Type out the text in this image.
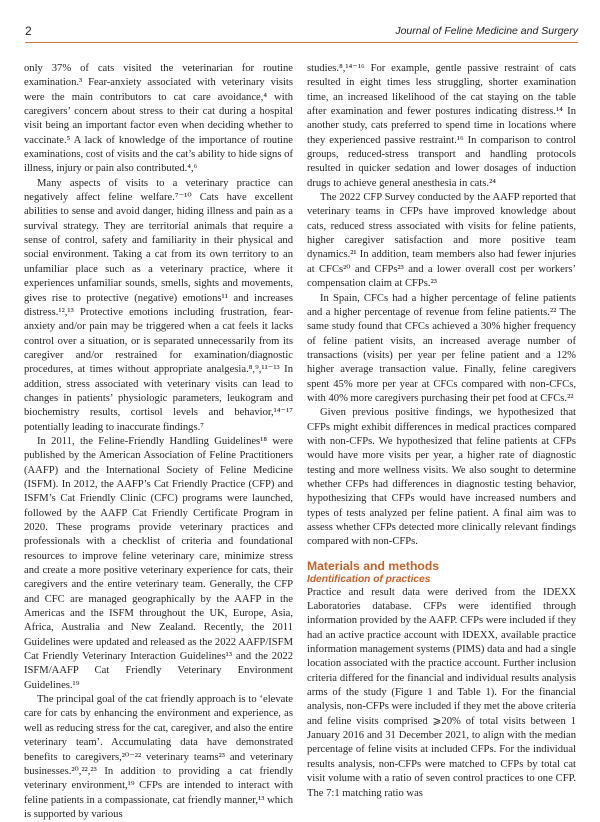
2	Journal of Feline Medicine and Surgery

only 37% of cats visited the veterinarian for routine examination.³ Fear-anxiety associated with veterinary visits were the main contributors to cat care avoidance,⁴ with caregivers’ concern about stress to their cat during a hospital visit being an important factor even when deciding whether to vaccinate.⁵ A lack of knowledge of the importance of routine examinations, cost of visits and the cat’s ability to hide signs of illness, injury or pain also contributed.⁴,⁶

Many aspects of visits to a veterinary practice can negatively affect feline welfare.⁷⁻¹⁰ Cats have excellent abilities to sense and avoid danger, hiding illness and pain as a survival strategy. They are territorial animals that require a sense of control, safety and familiarity in their physical and social environment. Taking a cat from its own territory to an unfamiliar place such as a veterinary practice, where it experiences unfamiliar sounds, smells, sights and movements, gives rise to protective (negative) emotions¹¹ and increases distress.¹²,¹³ Protective emotions including frustration, fear-anxiety and/or pain may be triggered when a cat feels it lacks control over a situation, or is separated unnecessarily from its caregiver and/or restrained for examination/diagnostic procedures, at times without appropriate analgesia.⁸,⁹,¹¹⁻¹³ In addition, stress associated with veterinary visits can lead to changes in patients’ physiologic parameters, leukogram and biochemistry results, cortisol levels and behavior,¹⁴⁻¹⁷ potentially leading to inaccurate findings.⁷

In 2011, the Feline-Friendly Handling Guidelines¹⁸ were published by the American Association of Feline Practitioners (AAFP) and the International Society of Feline Medicine (ISFM). In 2012, the AAFP’s Cat Friendly Practice (CFP) and ISFM’s Cat Friendly Clinic (CFC) programs were launched, followed by the AAFP Cat Friendly Certificate Program in 2020. These programs provide veterinary practices and professionals with a checklist of criteria and foundational resources to improve feline veterinary care, minimize stress and create a more positive veterinary experience for cats, their caregivers and the entire veterinary team. Generally, the CFP and CFC are managed geographically by the AAFP in the Americas and the ISFM throughout the UK, Europe, Asia, Africa, Australia and New Zealand. Recently, the 2011 Guidelines were updated and released as the 2022 AAFP/ISFM Cat Friendly Veterinary Interaction Guidelines¹³ and the 2022 ISFM/AAFP Cat Friendly Veterinary Environment Guidelines.¹⁹

The principal goal of the cat friendly approach is to ‘elevate care for cats by enhancing the environment and experience, as well as reducing stress for the cat, caregiver, and also the entire veterinary team’. Accumulating data have demonstrated benefits to caregivers,²⁰⁻²² veterinary teams²³ and veterinary businesses.²⁰,²²,²³ In addition to providing a cat friendly veterinary environment,¹⁹ CFPs are intended to interact with feline patients in a compassionate, cat friendly manner,¹³ which is supported by various

studies.⁸,¹⁴⁻¹⁶ For example, gentle passive restraint of cats resulted in eight times less struggling, shorter examination time, an increased likelihood of the cat staying on the table after examination and fewer postures indicating distress.¹⁴ In another study, cats preferred to spend time in locations where they experienced passive restraint.¹⁶ In comparison to control groups, reduced-stress transport and handling protocols resulted in quicker sedation and lower dosages of induction drugs to achieve general anesthesia in cats.²⁴

The 2022 CFP Survey conducted by the AAFP reported that veterinary teams in CFPs have improved knowledge about cats, reduced stress associated with visits for feline patients, higher caregiver satisfaction and more positive team dynamics.²¹ In addition, team members also had fewer injuries at CFCs²⁰ and CFPs²³ and a lower overall cost per workers’ compensation claim at CFPs.²³

In Spain, CFCs had a higher percentage of feline patients and a higher percentage of revenue from feline patients.²² The same study found that CFCs achieved a 30% higher frequency of feline patient visits, an increased average number of transactions (visits) per year per feline patient and a 12% higher average transaction value. Finally, feline caregivers spent 45% more per year at CFCs compared with non-CFCs, with 40% more caregivers purchasing their pet food at CFCs.²²

Given previous positive findings, we hypothesized that CFPs might exhibit differences in medical practices compared with non-CFPs. We hypothesized that feline patients at CFPs would have more visits per year, a higher rate of diagnostic testing and more wellness visits. We also sought to determine whether CFPs had differences in diagnostic testing behavior, hypothesizing that CFPs would have increased numbers and types of tests analyzed per feline patient. A final aim was to assess whether CFPs detected more clinically relevant findings compared with non-CFPs.

Materials and methods
Identification of practices

Practice and result data were derived from the IDEXX Laboratories database. CFPs were identified through information provided by the AAFP. CFPs were included if they had an active practice account with IDEXX, available practice information management systems (PIMS) data and had a single location associated with the practice account. Further inclusion criteria differed for the financial and individual results analysis arms of the study (Figure 1 and Table 1). For the financial analysis, non-CFPs were included if they met the above criteria and feline visits comprised ⩾20% of total visits between 1 January 2016 and 31 December 2021, to align with the median percentage of feline visits at included CFPs. For the individual results analysis, non-CFPs were matched to CFPs by total cat visit volume with a ratio of seven control practices to one CFP. The 7:1 matching ratio was
